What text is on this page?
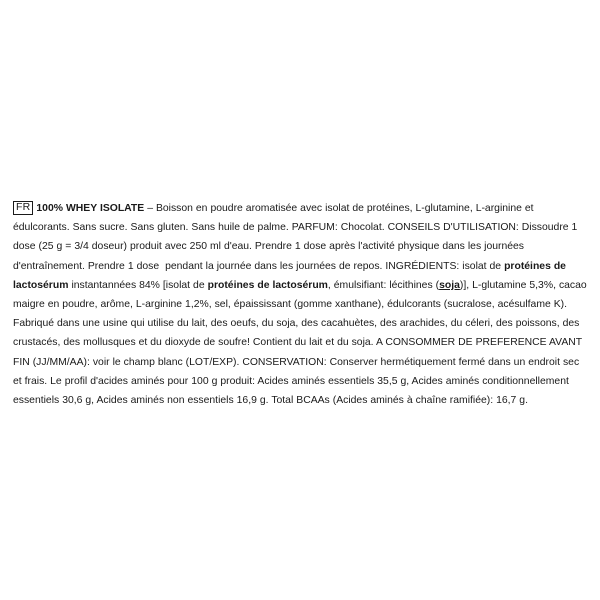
FR 100% WHEY ISOLATE – Boisson en poudre aromatisée avec isolat de protéines, L-glutamine, L-arginine et édulcorants. Sans sucre. Sans gluten. Sans huile de palme. PARFUM: Chocolat. CONSEILS D'UTILISATION: Dissoudre 1 dose (25 g = 3/4 doseur) produit avec 250 ml d'eau. Prendre 1 dose après l'activité physique dans les journées d'entraînement. Prendre 1 dose  pendant la journée dans les journées de repos. INGRÉDIENTS: isolat de protéines de lactosérum instantannées 84% [isolat de protéines de lactosérum, émulsifiant: lécithines (soja)], L-glutamine 5,3%, cacao maigre en poudre, arôme, L-arginine 1,2%, sel, épaississant (gomme xanthane), édulcorants (sucralose, acésulfame K). Fabriqué dans une usine qui utilise du lait, des oeufs, du soja, des cacahuètes, des arachides, du céleri, des poissons, des crustacés, des mollusques et du dioxyde de soufre! Contient du lait et du soja. A CONSOMMER DE PREFERENCE AVANT FIN (JJ/MM/AA): voir le champ blanc (LOT/EXP). CONSERVATION: Conserver hermétiquement fermé dans un endroit sec et frais. Le profil d'acides aminés pour 100 g produit: Acides aminés essentiels 35,5 g, Acides aminés conditionnellement essentiels 30,6 g, Acides aminés non essentiels 16,9 g. Total BCAAs (Acides aminés à chaîne ramifiée): 16,7 g.
